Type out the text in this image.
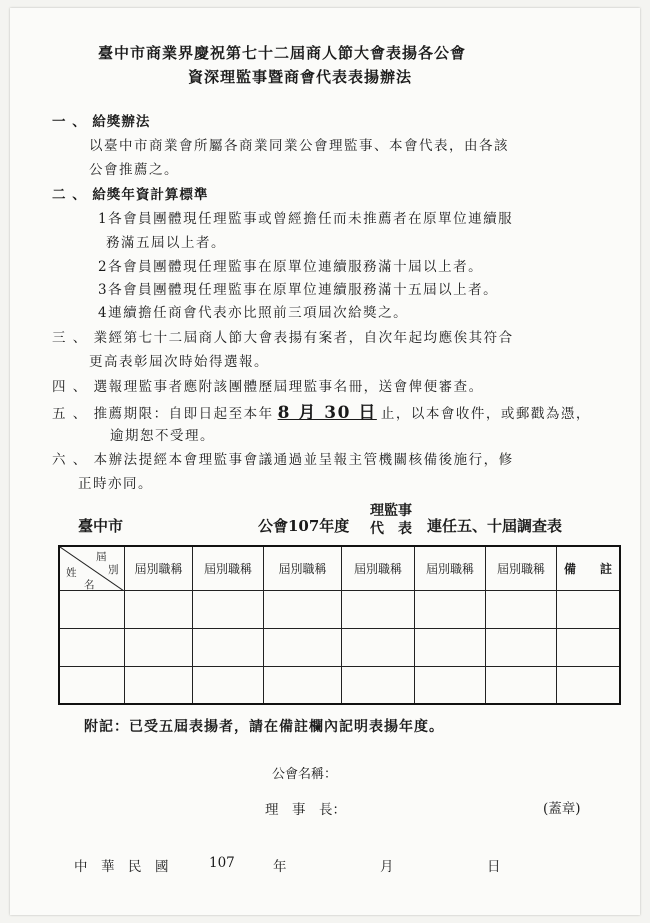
臺中市商業界慶祝第七十二屆商人節大會表揚各公會
資深理監事暨商會代表表揚辦法
一 、 給獎辦法
以臺中市商業會所屬各商業同業公會理監事、本會代表，由各該
公會推薦之。
二 、 給獎年資計算標準
1各會員團體現任理監事或曾經擔任而未推薦者在原單位連續服
務滿五屆以上者。
2各會員團體現任理監事在原單位連續服務滿十屆以上者。
3各會員團體現任理監事在原單位連續服務滿十五屆以上者。
4連續擔任商會代表亦比照前三項屆次給獎之。
三 、 業經第七十二屆商人節大會表揚有案者，自次年起均應俟其符合
更高表彰屆次時始得選報。
四 、 選報理監事者應附該團體歷屆理監事名冊，送會俾便審查。
五 、 推薦期限：自即日起至本年 8 月 30 日 止，以本會收件，或郵戳為憑，
逾期恕不受理。
六 、 本辦法提經本會理監事會議通過並呈報主管機關核備後施行，修
正時亦同。
臺中市	公會107年度
理監事
代　表 連任五、十屆調查表
屆
別
姓
名	屆別職稱	屆別職稱	屆別職稱	屆別職稱	屆別職稱	屆別職稱	備　　註

附記：已受五屆表揚者，請在備註欄內記明表揚年度。
公會名稱：
理　事　長：	(蓋章)
中　華　民　國	107	年	月	日
